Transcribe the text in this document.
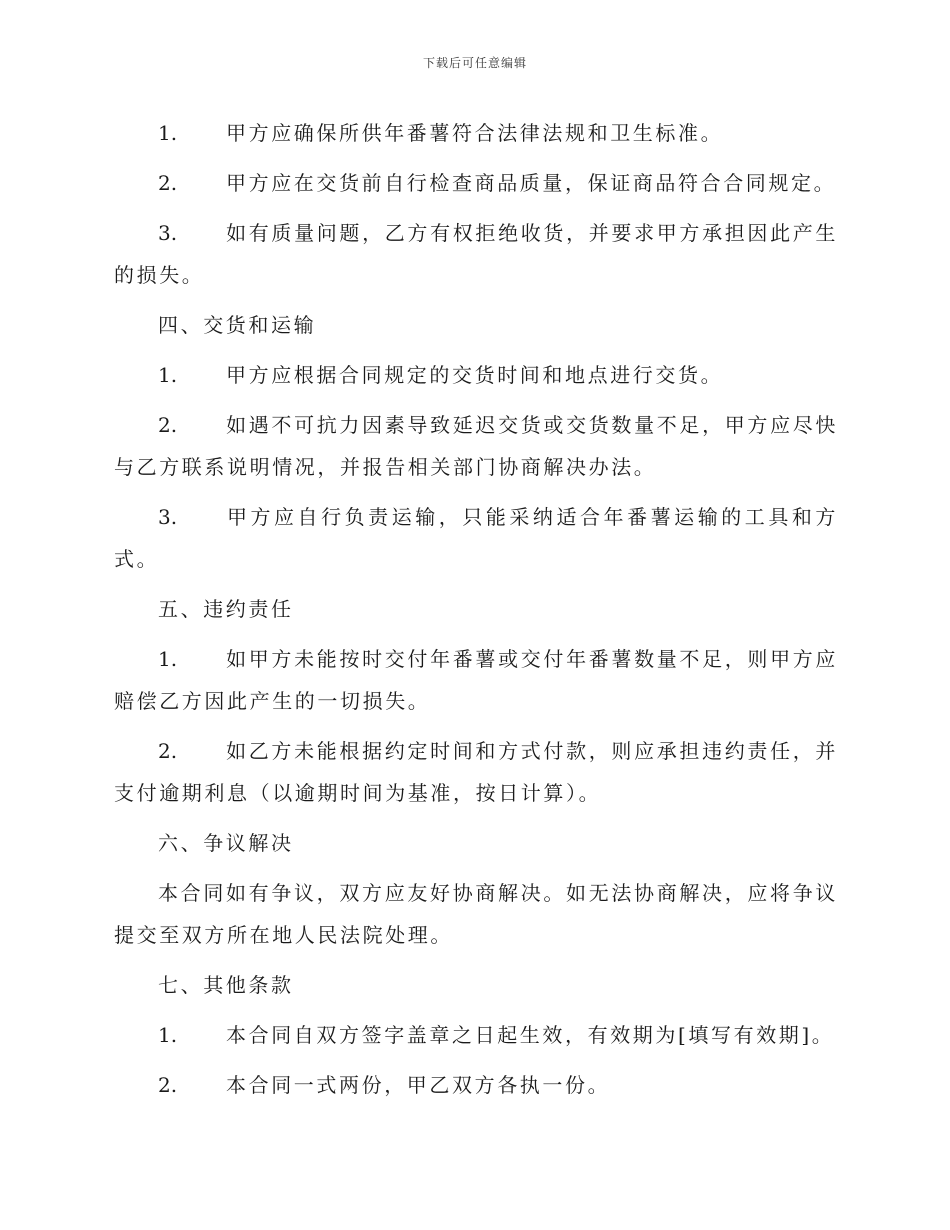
下载后可任意编辑

1. 甲方应确保所供年番薯符合法律法规和卫生标准。

2. 甲方应在交货前自行检查商品质量，保证商品符合合同规定。

3. 如有质量问题，乙方有权拒绝收货，并要求甲方承担因此产生的损失。

四、交货和运输

1. 甲方应根据合同规定的交货时间和地点进行交货。

2. 如遇不可抗力因素导致延迟交货或交货数量不足，甲方应尽快与乙方联系说明情况，并报告相关部门协商解决办法。

3. 甲方应自行负责运输，只能采纳适合年番薯运输的工具和方式。

五、违约责任

1. 如甲方未能按时交付年番薯或交付年番薯数量不足，则甲方应赔偿乙方因此产生的一切损失。

2. 如乙方未能根据约定时间和方式付款，则应承担违约责任，并支付逾期利息（以逾期时间为基准，按日计算）。

六、争议解决

本合同如有争议，双方应友好协商解决。如无法协商解决，应将争议提交至双方所在地人民法院处理。

七、其他条款

1. 本合同自双方签字盖章之日起生效，有效期为[填写有效期]。

2. 本合同一式两份，甲乙双方各执一份。
